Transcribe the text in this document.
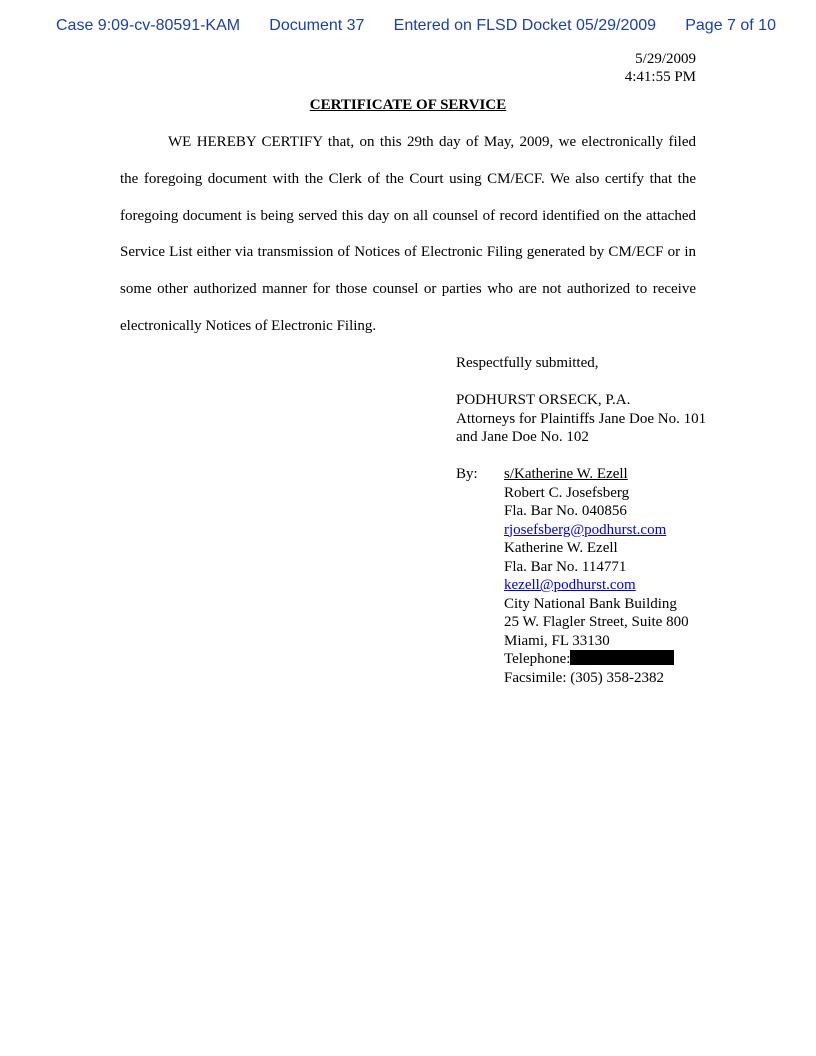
Case 9:09-cv-80591-KAM Document 37 Entered on FLSD Docket 05/29/2009 Page 7 of 10
5/29/2009
4:41:55 PM
CERTIFICATE OF SERVICE

WE HEREBY CERTIFY that, on this 29th day of May, 2009, we electronically filed the foregoing document with the Clerk of the Court using CM/ECF. We also certify that the foregoing document is being served this day on all counsel of record identified on the attached Service List either via transmission of Notices of Electronic Filing generated by CM/ECF or in some other authorized manner for those counsel or parties who are not authorized to receive electronically Notices of Electronic Filing.

Respectfully submitted,
PODHURST ORSECK, P.A.
Attorneys for Plaintiffs Jane Doe No. 101 and Jane Doe No. 102
By: s/Katherine W. Ezell
Robert C. Josefsberg
Fla. Bar No. 040856
rjosefsberg@podhurst.com
Katherine W. Ezell
Fla. Bar No. 114771
kezell@podhurst.com
City National Bank Building
25 W. Flagler Street, Suite 800
Miami, FL 33130
Telephone:
Facsimile: (305) 358-2382
